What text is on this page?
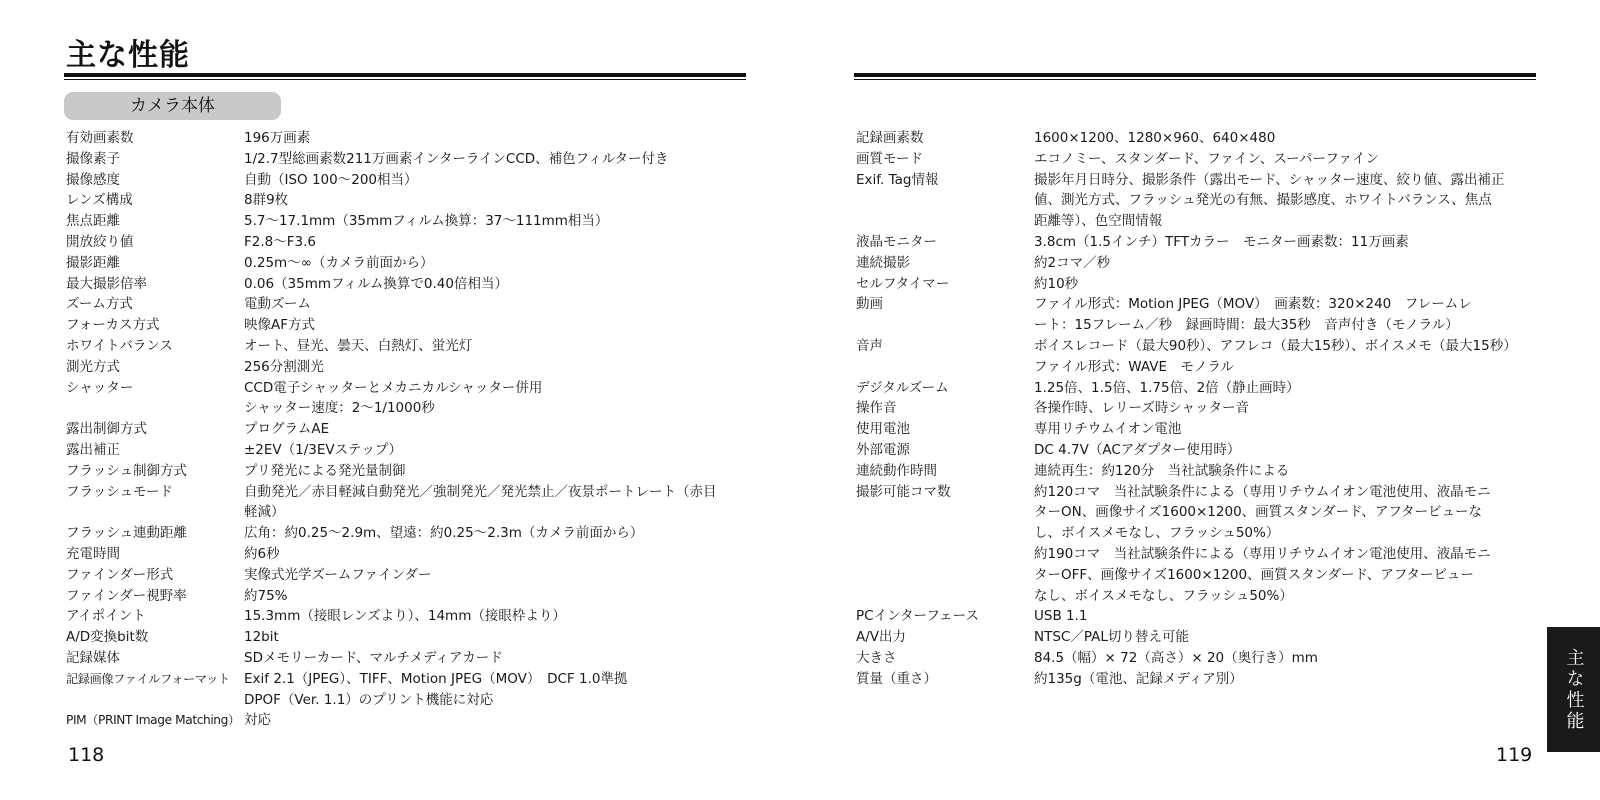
主な性能
カメラ本体
有効画素数	196万画素
撮像素子	1/2.7型総画素数211万画素インターラインCCD、補色フィルター付き
撮像感度	自動（ISO 100〜200相当）
レンズ構成	8群9枚
焦点距離	5.7〜17.1mm（35mmフィルム換算：37〜111mm相当）
開放絞り値	F2.8〜F3.6
撮影距離	0.25m〜∞（カメラ前面から）
最大撮影倍率	0.06（35mmフィルム換算で0.40倍相当）
ズーム方式	電動ズーム
フォーカス方式	映像AF方式
ホワイトバランス	オート、昼光、曇天、白熱灯、蛍光灯
測光方式	256分割測光
シャッター	CCD電子シャッターとメカニカルシャッター併用
シャッター速度：2〜1/1000秒
露出制御方式	プログラムAE
露出補正	±2EV（1/3EVステップ）
フラッシュ制御方式	プリ発光による発光量制御
フラッシュモード	自動発光／赤目軽減自動発光／強制発光／発光禁止／夜景ポートレート（赤目
軽減）
フラッシュ連動距離	広角：約0.25〜2.9m、望遠：約0.25〜2.3m（カメラ前面から）
充電時間	約6秒
ファインダー形式	実像式光学ズームファインダー
ファインダー視野率	約75%
アイポイント	15.3mm（接眼レンズより）、14mm（接眼枠より）
A/D変換bit数	12bit
記録媒体	SDメモリーカード、マルチメディアカード
記録画像ファイルフォーマット	Exif 2.1（JPEG）、TIFF、Motion JPEG（MOV）　DCF 1.0準拠
DPOF（Ver. 1.1）のプリント機能に対応
PIM（PRINT Image Matching） 対応
118
記録画素数	1600×1200、1280×960、640×480
画質モード	エコノミー、スタンダード、ファイン、スーパーファイン
Exif. Tag情報	撮影年月日時分、撮影条件（露出モード、シャッター速度、絞り値、露出補正
値、測光方式、フラッシュ発光の有無、撮影感度、ホワイトバランス、焦点
距離等）、色空間情報
液晶モニター	3.8cm（1.5インチ）TFTカラー　モニター画素数：11万画素
連続撮影	約2コマ／秒
セルフタイマー	約10秒
動画	ファイル形式：Motion JPEG（MOV）　画素数：320×240　フレームレ
ート：15フレーム／秒　録画時間：最大35秒　音声付き（モノラル）
音声	ボイスレコード（最大90秒）、アフレコ（最大15秒）、ボイスメモ（最大15秒）
ファイル形式：WAVE　モノラル
デジタルズーム	1.25倍、1.5倍、1.75倍、2倍（静止画時）
操作音	各操作時、レリーズ時シャッター音
使用電池	専用リチウムイオン電池
外部電源	DC 4.7V（ACアダプター使用時）
連続動作時間	連続再生：約120分　当社試験条件による
撮影可能コマ数	約120コマ　当社試験条件による（専用リチウムイオン電池使用、液晶モニ
ターON、画像サイズ1600×1200、画質スタンダード、アフタービューな
し、ボイスメモなし、フラッシュ50%）
約190コマ　当社試験条件による（専用リチウムイオン電池使用、液晶モニ
ターOFF、画像サイズ1600×1200、画質スタンダード、アフタービュー
なし、ボイスメモなし、フラッシュ50%）
PCインターフェース	USB 1.1
A/V出力	NTSC／PAL切り替え可能
大きさ	84.5（幅）× 72（高さ）× 20（奥行き）mm
質量（重さ）	約135g（電池、記録メディア別）
119
主な性能
